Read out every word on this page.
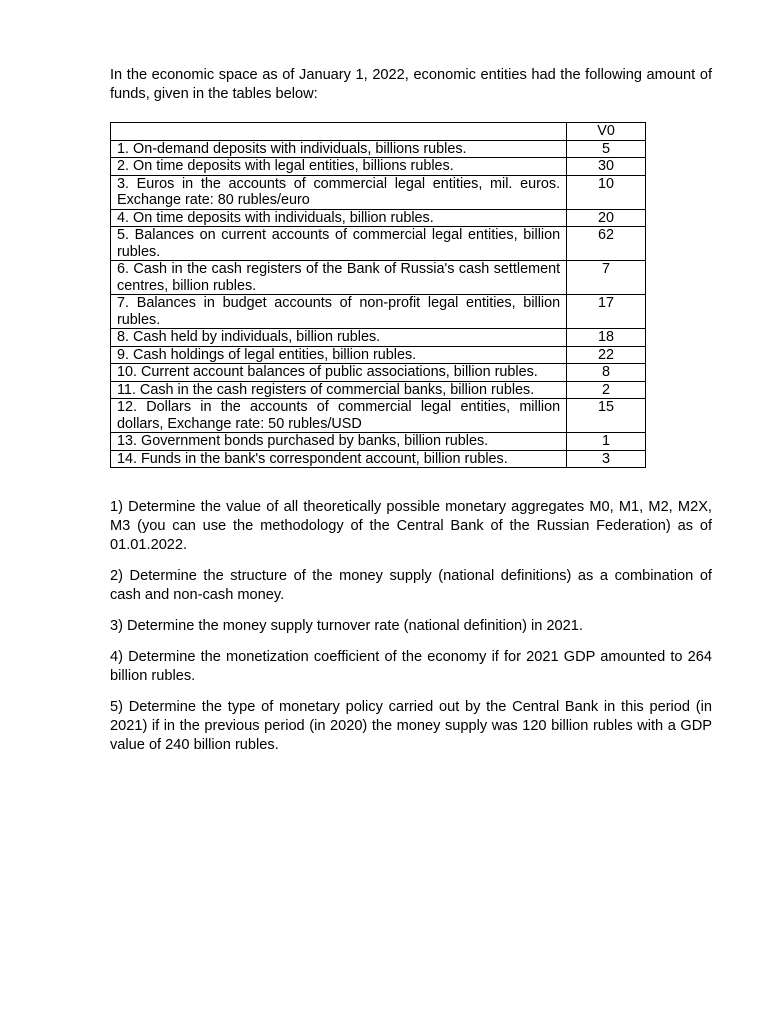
In the economic space as of January 1, 2022, economic entities had the following amount of funds, given in the tables below:

	V0
1. On-demand deposits with individuals, billions rubles.	5
2. On time deposits with legal entities, billions rubles.	30
3. Euros in the accounts of commercial legal entities, mil. euros. Exchange rate: 80 rubles/euro	10
4. On time deposits with individuals, billion rubles.	20
5. Balances on current accounts of commercial legal entities, billion rubles.	62
6. Cash in the cash registers of the Bank of Russia's cash settlement centres, billion rubles.	7
7. Balances in budget accounts of non-profit legal entities, billion rubles.	17
8. Cash held by individuals, billion rubles.	18
9. Cash holdings of legal entities, billion rubles.	22
10. Current account balances of public associations, billion rubles.	8
11. Cash in the cash registers of commercial banks, billion rubles.	2
12. Dollars in the accounts of commercial legal entities, million dollars, Exchange rate: 50 rubles/USD	15
13. Government bonds purchased by banks, billion rubles.	1
14. Funds in the bank's correspondent account, billion rubles.	3

1) Determine the value of all theoretically possible monetary aggregates M0, M1, M2, M2X, M3 (you can use the methodology of the Central Bank of the Russian Federation) as of 01.01.2022.

2) Determine the structure of the money supply (national definitions) as a combination of cash and non-cash money.

3) Determine the money supply turnover rate (national definition) in 2021.

4) Determine the monetization coefficient of the economy if for 2021 GDP amounted to 264 billion rubles.

5) Determine the type of monetary policy carried out by the Central Bank in this period (in 2021) if in the previous period (in 2020) the money supply was 120 billion rubles with a GDP value of 240 billion rubles.
